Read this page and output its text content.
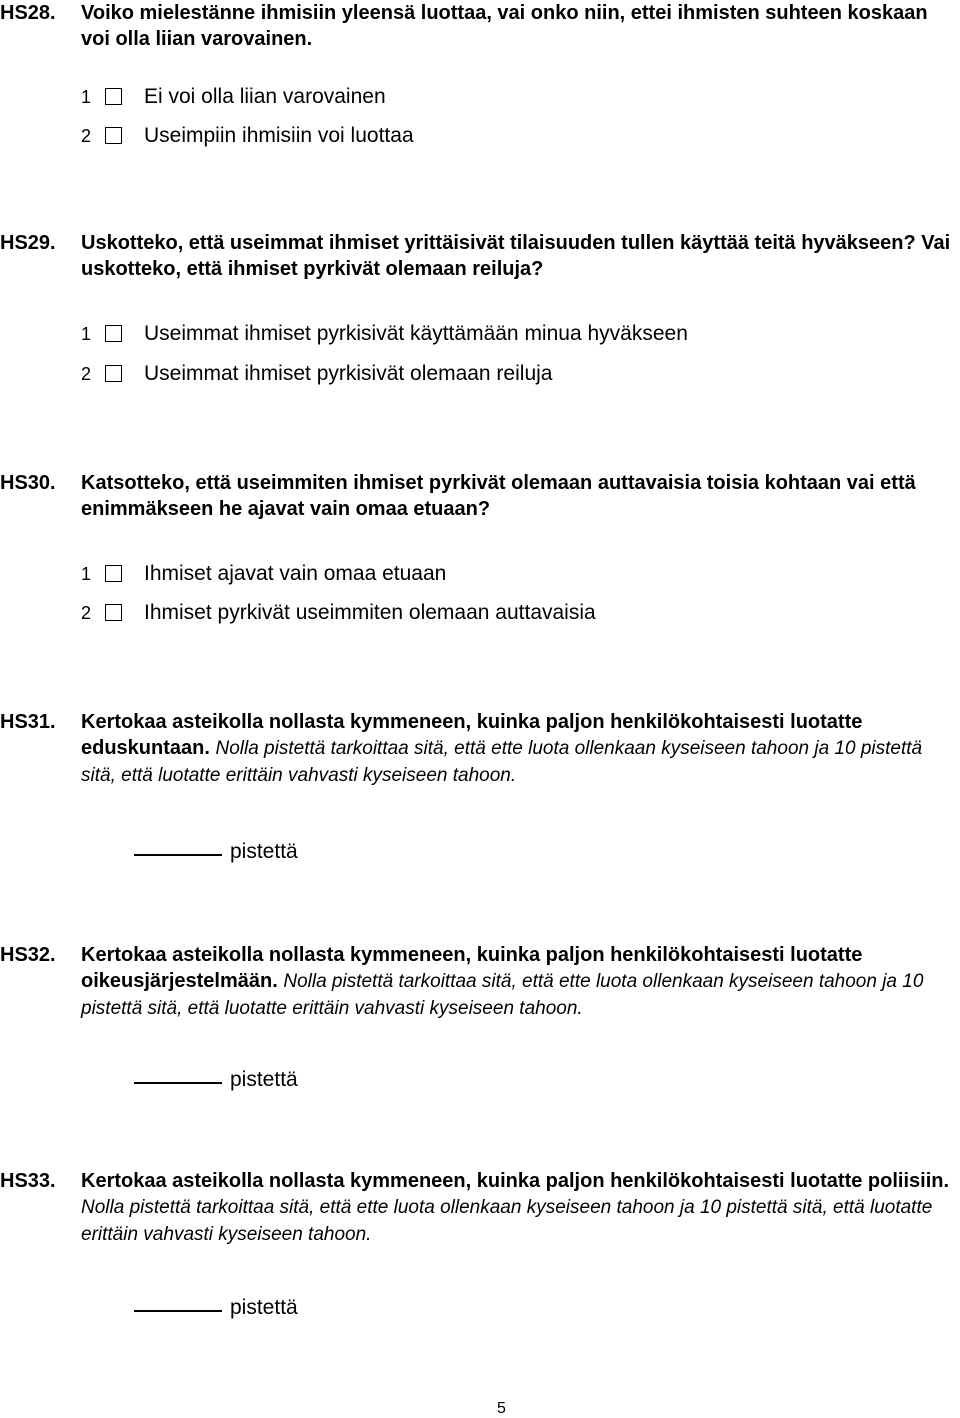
HS28. Voiko mielestänne ihmisiin yleensä luottaa, vai onko niin, ettei ihmisten suhteen koskaan voi olla liian varovainen.
1	Ei voi olla liian varovainen
2	Useimpiin ihmisiin voi luottaa
HS29. Uskotteko, että useimmat ihmiset yrittäisivät tilaisuuden tullen käyttää teitä hyväkseen? Vai uskotteko, että ihmiset pyrkivät olemaan reiluja?
1	Useimmat ihmiset pyrkisivät käyttämään minua hyväkseen
2	Useimmat ihmiset pyrkisivät olemaan reiluja
HS30. Katsotteko, että useimmiten ihmiset pyrkivät olemaan auttavaisia toisia kohtaan vai että enimmäkseen he ajavat vain omaa etuaan?
1	Ihmiset ajavat vain omaa etuaan
2	Ihmiset pyrkivät useimmiten olemaan auttavaisia
HS31. Kertokaa asteikolla nollasta kymmeneen, kuinka paljon henkilökohtaisesti luotatte eduskuntaan. Nolla pistettä tarkoittaa sitä, että ette luota ollenkaan kyseiseen tahoon ja 10 pistettä sitä, että luotatte erittäin vahvasti kyseiseen tahoon.
pistettä
HS32. Kertokaa asteikolla nollasta kymmeneen, kuinka paljon henkilökohtaisesti luotatte oikeusjärjestelmään. Nolla pistettä tarkoittaa sitä, että ette luota ollenkaan kyseiseen tahoon ja 10 pistettä sitä, että luotatte erittäin vahvasti kyseiseen tahoon.
pistettä
HS33. Kertokaa asteikolla nollasta kymmeneen, kuinka paljon henkilökohtaisesti luotatte poliisiin. Nolla pistettä tarkoittaa sitä, että ette luota ollenkaan kyseiseen tahoon ja 10 pistettä sitä, että luotatte erittäin vahvasti kyseiseen tahoon.
pistettä
5
